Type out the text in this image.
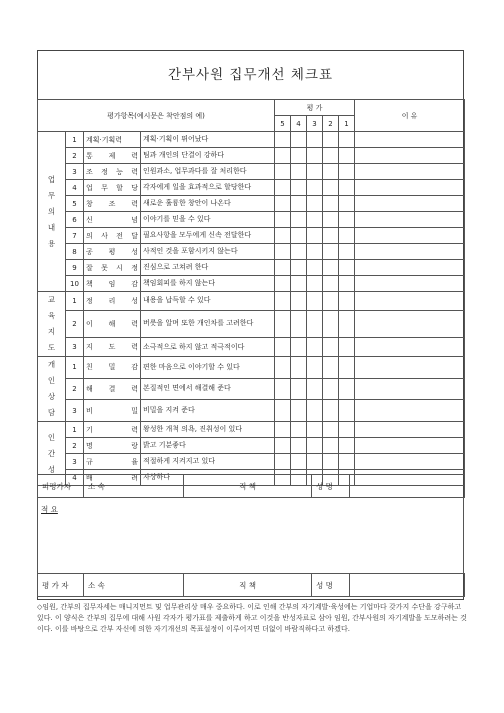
간부사원 집무개선 체크표
평가항목(예시문은 착안점의 예)				평 가					이 유
				5	4	3	2	1	

업
무
의
내
용	1	계획·기획력	계획·기획이 뛰어났다						
	2	통 제 력	팀과 개인의 단결이 강하다						
	3	조 정 능 력	인원과소, 업무과다를 잘 처리한다						
	4	업 무 할 당	각자에게 일을 효과적으로 할당한다						
	5	창 조 력	새로운 훌륭한 창안이 나온다						
	6	신 념	이야기를 믿을 수 있다						
	7	의 사 전 달	필요사항을 모두에게 신속 전달한다						
	8	공 평 성	사적인 것을 포함시키지 않는다						
	9	잘 못 시 정	진심으로 고쳐려 한다						
	10	책 임 감	책임회피를 하지 않는다						

교
육
지
도	1	정 리 성	내용을 납득할 수 있다						
	2	이 해 력	버릇을 알며 또한 개인차를 고려한다						
	3	지 도 력	소극적으로 하지 않고 적극적이다						

개
인
상
담	1	친 밀 감	편한 마음으로 이야기할 수 있다						
	2	해 결 력	본질적인 면에서 해결해 준다						
	3	비 밀	비밀을 지켜 준다						

인
간
성	1	기 력	왕성한 개척 의욕, 진취성이 있다						
	2	명 랑	밝고 기분좋다						
	3	규 율	적절하게 지켜지고 있다						
	4	배 려	자상하다						
피평가자	소 속	직 책	성 명	
적 요
평 가 자	소 속	직 책	성 명	
◇임원, 간부의 집무자세는 매니지먼트 및 업무관리상 매우 중요하다. 이로 인해 간부의 자기계발·육성에는 기업마다 갖가지 수단을 강구하고 있다. 이 양식은 간부의 집무에 대해 사원 각자가 평가표를 제출하게 하고 이것을 반성자료로 삼아 임원, 간부사원의 자기계발을 도모하려는 것이다. 이를 바탕으로 간부 자신에 의한 자기개선의 목표설정이 이루어지면 더없이 바람직하다고 하겠다.
